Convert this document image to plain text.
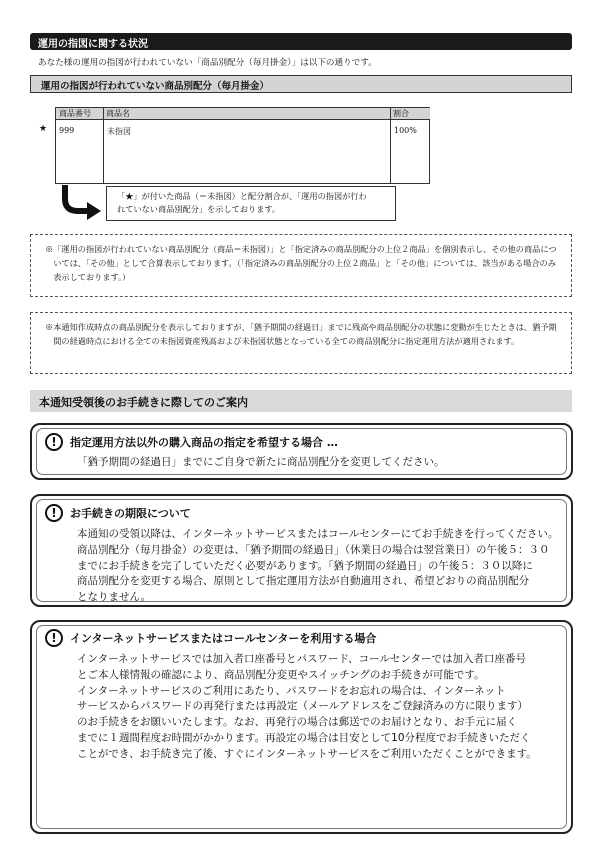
運用の指図に関する状況
あなた様の運用の指図が行われていない「商品別配分（毎月掛金）」は以下の通りです。
運用の指図が行われていない商品別配分（毎月掛金）
★
商品番号	商品名	割合
999	未指図	100%
「★」が付いた商品（＝未指図）と配分割合が、「運用の指図が行わ
れていない商品別配分」を示しております。
※「運用の指図が行われていない商品別配分（商品＝未指図）」と「指定済みの商品別配分の上位２商品」を個別表示し、その他の商品については、「その他」として合算表示しております。（「指定済みの商品別配分の上位２商品」と「その他」については、該当がある場合のみ表示しております。）
※本通知作成時点の商品別配分を表示しておりますが、「猶予期間の経過日」までに残高や商品別配分の状態に変動が生じたときは、猶予期間の経過時点における全ての未指図資産残高および未指図状態となっている全ての商品別配分に指定運用方法が適用されます。
本通知受領後のお手続きに際してのご案内
!	指定運用方法以外の購入商品の指定を希望する場合 …
「猶予期間の経過日」までにご自身で新たに商品別配分を変更してください。
!	お手続きの期限について
本通知の受領以降は、インターネットサービスまたはコールセンターにてお手続きを行ってください。
商品別配分（毎月掛金）の変更は、「猶予期間の経過日」（休業日の場合は翌営業日）の午後５：３０
までにお手続きを完了していただく必要があります。「猶予期間の経過日」の午後５：３０以降に
商品別配分を変更する場合、原則として指定運用方法が自動適用され、希望どおりの商品別配分
となりません。
!	インターネットサービスまたはコールセンターを利用する場合
インターネットサービスでは加入者口座番号とパスワード、コールセンターでは加入者口座番号
とご本人様情報の確認により、商品別配分変更やスイッチングのお手続きが可能です。
インターネットサービスのご利用にあたり、パスワードをお忘れの場合は、インターネット
サービスからパスワードの再発行または再設定（メールアドレスをご登録済みの方に限ります）
のお手続きをお願いいたします。なお、再発行の場合は郵送でのお届けとなり、お手元に届く
までに１週間程度お時間がかかります。再設定の場合は目安として10分程度でお手続きいただく
ことができ、お手続き完了後、すぐにインターネットサービスをご利用いただくことができます。
